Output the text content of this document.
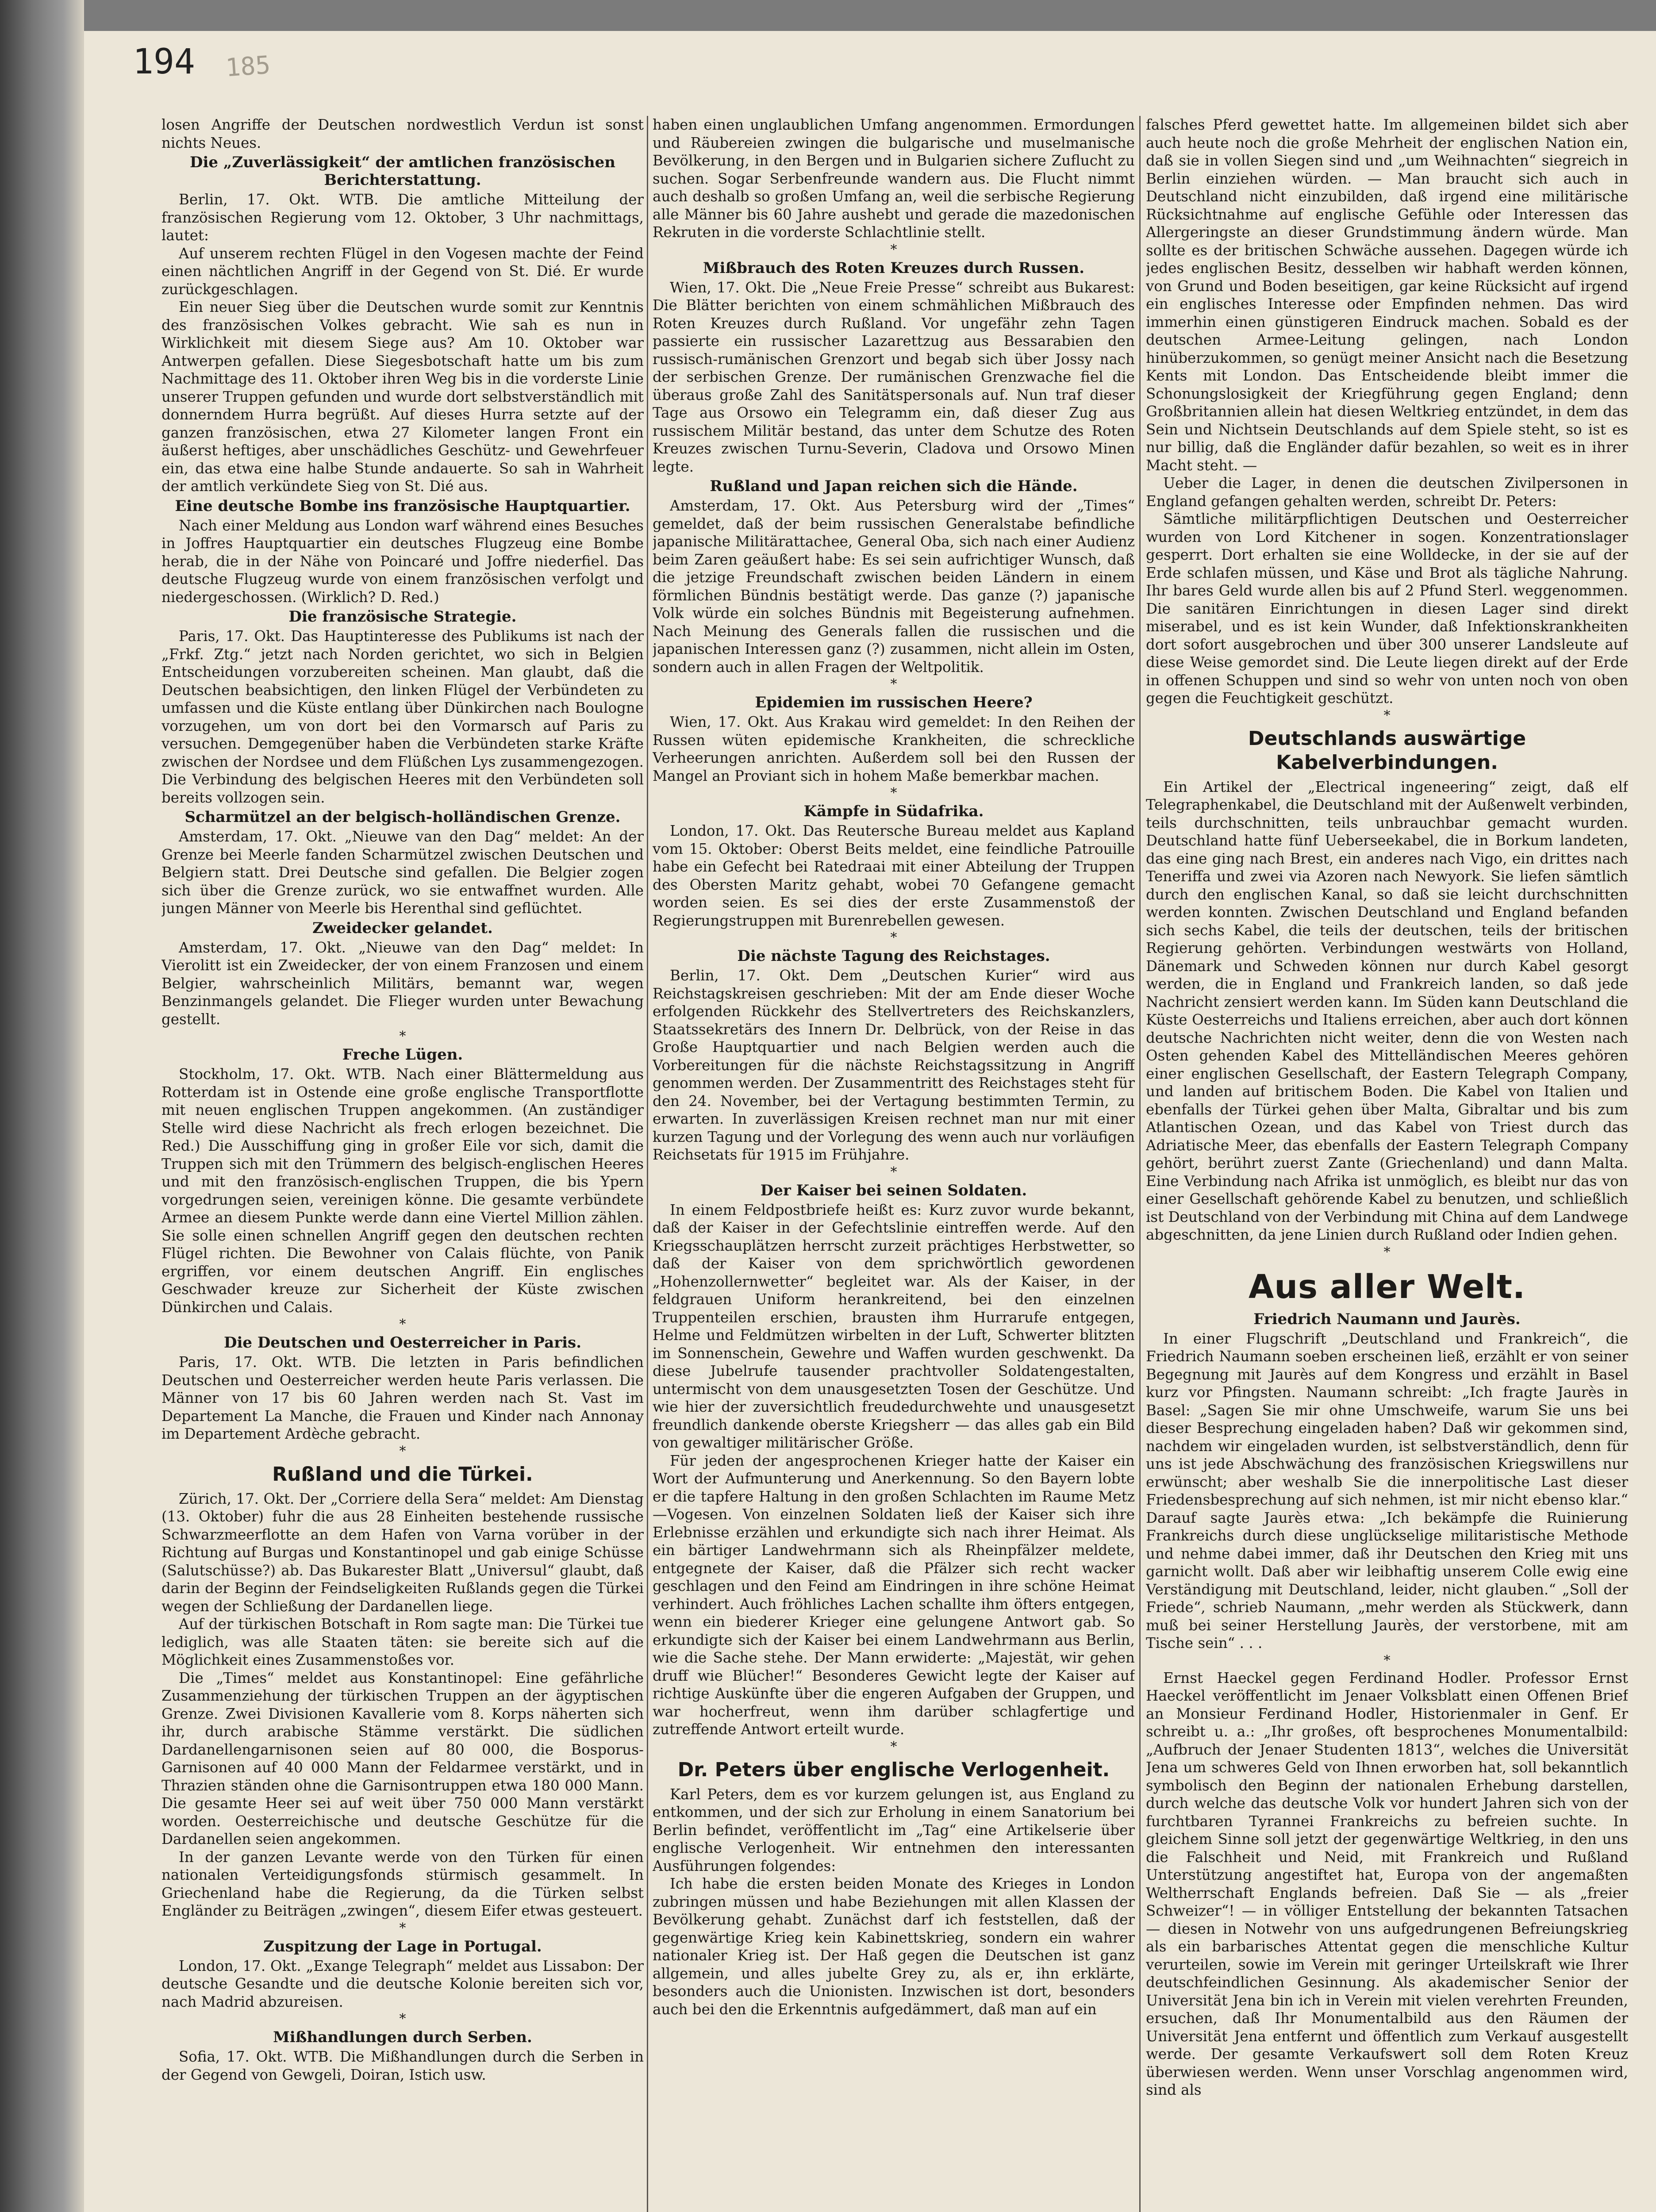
194 185

losen Angriffe der Deutschen nordwestlich Verdun ist sonst nichts Neues.

Die „Zuverlässigkeit“ der amtlichen französischen Berichterstattung.

Berlin, 17. Okt. WTB. Die amtliche Mitteilung der französischen Regierung vom 12. Oktober, 3 Uhr nachmittags, lautet:

Auf unserem rechten Flügel in den Vogesen machte der Feind einen nächtlichen Angriff in der Gegend von St. Dié. Er wurde zurückgeschlagen.

Ein neuer Sieg über die Deutschen wurde somit zur Kenntnis des französischen Volkes gebracht. Wie sah es nun in Wirklichkeit mit diesem Siege aus? Am 10. Oktober war Antwerpen gefallen. Diese Siegesbotschaft hatte um bis zum Nachmittage des 11. Oktober ihren Weg bis in die vorderste Linie unserer Truppen gefunden und wurde dort selbstverständlich mit donnerndem Hurra begrüßt. Auf dieses Hurra setzte auf der ganzen französischen, etwa 27 Kilometer langen Front ein äußerst heftiges, aber unschädliches Geschütz- und Gewehrfeuer ein, das etwa eine halbe Stunde andauerte. So sah in Wahrheit der amtlich verkündete Sieg von St. Dié aus.

Eine deutsche Bombe ins französische Hauptquartier.

Nach einer Meldung aus London warf während eines Besuches in Joffres Hauptquartier ein deutsches Flugzeug eine Bombe herab, die in der Nähe von Poincaré und Joffre niederfiel. Das deutsche Flugzeug wurde von einem französischen verfolgt und niedergeschossen. (Wirklich? D. Red.)

Die französische Strategie.

Paris, 17. Okt. Das Hauptinteresse des Publikums ist nach der „Frkf. Ztg.“ jetzt nach Norden gerichtet, wo sich in Belgien Entscheidungen vorzubereiten scheinen. Man glaubt, daß die Deutschen beabsichtigen, den linken Flügel der Verbündeten zu umfassen und die Küste entlang über Dünkirchen nach Boulogne vorzugehen, um von dort bei den Vormarsch auf Paris zu versuchen. Demgegenüber haben die Verbündeten starke Kräfte zwischen der Nordsee und dem Flüßchen Lys zusammengezogen. Die Verbindung des belgischen Heeres mit den Verbündeten soll bereits vollzogen sein.

Scharmützel an der belgisch-holländischen Grenze.

Amsterdam, 17. Okt. „Nieuwe van den Dag“ meldet: An der Grenze bei Meerle fanden Scharmützel zwischen Deutschen und Belgiern statt. Drei Deutsche sind gefallen. Die Belgier zogen sich über die Grenze zurück, wo sie entwaffnet wurden. Alle jungen Männer von Meerle bis Herenthal sind geflüchtet.

Zweidecker gelandet.

Amsterdam, 17. Okt. „Nieuwe van den Dag“ meldet: In Vierolitt ist ein Zweidecker, der von einem Franzosen und einem Belgier, wahrscheinlich Militärs, bemannt war, wegen Benzinmangels gelandet. Die Flieger wurden unter Bewachung gestellt.

*
Freche Lügen.

Stockholm, 17. Okt. WTB. Nach einer Blättermeldung aus Rotterdam ist in Ostende eine große englische Transportflotte mit neuen englischen Truppen angekommen. (An zuständiger Stelle wird diese Nachricht als frech erlogen bezeichnet. Die Red.) Die Ausschiffung ging in großer Eile vor sich, damit die Truppen sich mit den Trümmern des belgisch-englischen Heeres und mit den französisch-englischen Truppen, die bis Ypern vorgedrungen seien, vereinigen könne. Die gesamte verbündete Armee an diesem Punkte werde dann eine Viertel Million zählen. Sie solle einen schnellen Angriff gegen den deutschen rechten Flügel richten. Die Bewohner von Calais flüchte, von Panik ergriffen, vor einem deutschen Angriff. Ein englisches Geschwader kreuze zur Sicherheit der Küste zwischen Dünkirchen und Calais.

*
Die Deutschen und Oesterreicher in Paris.

Paris, 17. Okt. WTB. Die letzten in Paris befindlichen Deutschen und Oesterreicher werden heute Paris verlassen. Die Männer von 17 bis 60 Jahren werden nach St. Vast im Departement La Manche, die Frauen und Kinder nach Annonay im Departement Ardèche gebracht.

*
Rußland und die Türkei.

Zürich, 17. Okt. Der „Corriere della Sera“ meldet: Am Dienstag (13. Oktober) fuhr die aus 28 Einheiten bestehende russische Schwarzmeerflotte an dem Hafen von Varna vorüber in der Richtung auf Burgas und Konstantinopel und gab einige Schüsse (Salutschüsse?) ab. Das Bukarester Blatt „Universul“ glaubt, daß darin der Beginn der Feindseligkeiten Rußlands gegen die Türkei wegen der Schließung der Dardanellen liege.

Auf der türkischen Botschaft in Rom sagte man: Die Türkei tue lediglich, was alle Staaten täten: sie bereite sich auf die Möglichkeit eines Zusammenstoßes vor.

Die „Times“ meldet aus Konstantinopel: Eine gefährliche Zusammenziehung der türkischen Truppen an der ägyptischen Grenze. Zwei Divisionen Kavallerie vom 8. Korps näherten sich ihr, durch arabische Stämme verstärkt. Die südlichen Dardanellengarnisonen seien auf 80 000, die Bosporus-Garnisonen auf 40 000 Mann der Feldarmee verstärkt, und in Thrazien ständen ohne die Garnisontruppen etwa 180 000 Mann. Die gesamte Heer sei auf weit über 750 000 Mann verstärkt worden. Oesterreichische und deutsche Geschütze für die Dardanellen seien angekommen.

In der ganzen Levante werde von den Türken für einen nationalen Verteidigungsfonds stürmisch gesammelt. In Griechenland habe die Regierung, da die Türken selbst Engländer zu Beiträgen „zwingen“, diesem Eifer etwas gesteuert.

*
Zuspitzung der Lage in Portugal.

London, 17. Okt. „Exange Telegraph“ meldet aus Lissabon: Der deutsche Gesandte und die deutsche Kolonie bereiten sich vor, nach Madrid abzureisen.

*
Mißhandlungen durch Serben.

Sofia, 17. Okt. WTB. Die Mißhandlungen durch die Serben in der Gegend von Gewgeli, Doiran, Istich usw.

haben einen unglaublichen Umfang angenommen. Ermordungen und Räubereien zwingen die bulgarische und muselmanische Bevölkerung, in den Bergen und in Bulgarien sichere Zuflucht zu suchen. Sogar Serbenfreunde wandern aus. Die Flucht nimmt auch deshalb so großen Umfang an, weil die serbische Regierung alle Männer bis 60 Jahre aushebt und gerade die mazedonischen Rekruten in die vorderste Schlachtlinie stellt.

*
Mißbrauch des Roten Kreuzes durch Russen.

Wien, 17. Okt. Die „Neue Freie Presse“ schreibt aus Bukarest: Die Blätter berichten von einem schmählichen Mißbrauch des Roten Kreuzes durch Rußland. Vor ungefähr zehn Tagen passierte ein russischer Lazarettzug aus Bessarabien den russisch-rumänischen Grenzort und begab sich über Jossy nach der serbischen Grenze. Der rumänischen Grenzwache fiel die überaus große Zahl des Sanitätspersonals auf. Nun traf dieser Tage aus Orsowo ein Telegramm ein, daß dieser Zug aus russischem Militär bestand, das unter dem Schutze des Roten Kreuzes zwischen Turnu-Severin, Cladova und Orsowo Minen legte.

Rußland und Japan reichen sich die Hände.

Amsterdam, 17. Okt. Aus Petersburg wird der „Times“ gemeldet, daß der beim russischen Generalstabe befindliche japanische Militärattachee, General Oba, sich nach einer Audienz beim Zaren geäußert habe: Es sei sein aufrichtiger Wunsch, daß die jetzige Freundschaft zwischen beiden Ländern in einem förmlichen Bündnis bestätigt werde. Das ganze (?) japanische Volk würde ein solches Bündnis mit Begeisterung aufnehmen. Nach Meinung des Generals fallen die russischen und die japanischen Interessen ganz (?) zusammen, nicht allein im Osten, sondern auch in allen Fragen der Weltpolitik.

*
Epidemien im russischen Heere?

Wien, 17. Okt. Aus Krakau wird gemeldet: In den Reihen der Russen wüten epidemische Krankheiten, die schreckliche Verheerungen anrichten. Außerdem soll bei den Russen der Mangel an Proviant sich in hohem Maße bemerkbar machen.

*
Kämpfe in Südafrika.

London, 17. Okt. Das Reutersche Bureau meldet aus Kapland vom 15. Oktober: Oberst Beits meldet, eine feindliche Patrouille habe ein Gefecht bei Ratedraai mit einer Abteilung der Truppen des Obersten Maritz gehabt, wobei 70 Gefangene gemacht worden seien. Es sei dies der erste Zusammenstoß der Regierungstruppen mit Burenrebellen gewesen.

*
Die nächste Tagung des Reichstages.

Berlin, 17. Okt. Dem „Deutschen Kurier“ wird aus Reichstagskreisen geschrieben: Mit der am Ende dieser Woche erfolgenden Rückkehr des Stellvertreters des Reichskanzlers, Staatssekretärs des Innern Dr. Delbrück, von der Reise in das Große Hauptquartier und nach Belgien werden auch die Vorbereitungen für die nächste Reichstagssitzung in Angriff genommen werden. Der Zusammentritt des Reichstages steht für den 24. November, bei der Vertagung bestimmten Termin, zu erwarten. In zuverlässigen Kreisen rechnet man nur mit einer kurzen Tagung und der Vorlegung des wenn auch nur vorläufigen Reichsetats für 1915 im Frühjahre.

*
Der Kaiser bei seinen Soldaten.

In einem Feldpostbriefe heißt es: Kurz zuvor wurde bekannt, daß der Kaiser in der Gefechtslinie eintreffen werde. Auf den Kriegsschauplätzen herrscht zurzeit prächtiges Herbstwetter, so daß der Kaiser von dem sprichwörtlich gewordenen „Hohenzollernwetter“ begleitet war. Als der Kaiser, in der feldgrauen Uniform herankreitend, bei den einzelnen Truppenteilen erschien, brausten ihm Hurrarufe entgegen, Helme und Feldmützen wirbelten in der Luft, Schwerter blitzten im Sonnenschein, Gewehre und Waffen wurden geschwenkt. Da diese Jubelrufe tausender prachtvoller Soldatengestalten, untermischt von dem unausgesetzten Tosen der Geschütze. Und wie hier der zuversichtlich freudedurchwehte und unausgesetzt freundlich dankende oberste Kriegsherr — das alles gab ein Bild von gewaltiger militärischer Größe.

Für jeden der angesprochenen Krieger hatte der Kaiser ein Wort der Aufmunterung und Anerkennung. So den Bayern lobte er die tapfere Haltung in den großen Schlachten im Raume Metz—Vogesen. Von einzelnen Soldaten ließ der Kaiser sich ihre Erlebnisse erzählen und erkundigte sich nach ihrer Heimat. Als ein bärtiger Landwehrmann sich als Rheinpfälzer meldete, entgegnete der Kaiser, daß die Pfälzer sich recht wacker geschlagen und den Feind am Eindringen in ihre schöne Heimat verhindert. Auch fröhliches Lachen schallte ihm öfters entgegen, wenn ein biederer Krieger eine gelungene Antwort gab. So erkundigte sich der Kaiser bei einem Landwehrmann aus Berlin, wie die Sache stehe. Der Mann erwiderte: „Majestät, wir gehen druff wie Blücher!“ Besonderes Gewicht legte der Kaiser auf richtige Auskünfte über die engeren Aufgaben der Gruppen, und war hocherfreut, wenn ihm darüber schlagfertige und zutreffende Antwort erteilt wurde.

*
Dr. Peters über englische Verlogenheit.

Karl Peters, dem es vor kurzem gelungen ist, aus England zu entkommen, und der sich zur Erholung in einem Sanatorium bei Berlin befindet, veröffentlicht im „Tag“ eine Artikelserie über englische Verlogenheit. Wir entnehmen den interessanten Ausführungen folgendes:

Ich habe die ersten beiden Monate des Krieges in London zubringen müssen und habe Beziehungen mit allen Klassen der Bevölkerung gehabt. Zunächst darf ich feststellen, daß der gegenwärtige Krieg kein Kabinettskrieg, sondern ein wahrer nationaler Krieg ist. Der Haß gegen die Deutschen ist ganz allgemein, und alles jubelte Grey zu, als er, ihn erklärte, besonders auch die Unionisten. Inzwischen ist dort, besonders auch bei den die Erkenntnis aufgedämmert, daß man auf ein

falsches Pferd gewettet hatte. Im allgemeinen bildet sich aber auch heute noch die große Mehrheit der englischen Nation ein, daß sie in vollen Siegen sind und „um Weihnachten“ siegreich in Berlin einziehen würden. — Man braucht sich auch in Deutschland nicht einzubilden, daß irgend eine militärische Rücksichtnahme auf englische Gefühle oder Interessen das Allergeringste an dieser Grundstimmung ändern würde. Man sollte es der britischen Schwäche aussehen. Dagegen würde ich jedes englischen Besitz, desselben wir habhaft werden können, von Grund und Boden beseitigen, gar keine Rücksicht auf irgend ein englisches Interesse oder Empfinden nehmen. Das wird immerhin einen günstigeren Eindruck machen. Sobald es der deutschen Armee-Leitung gelingen, nach London hinüberzukommen, so genügt meiner Ansicht nach die Besetzung Kents mit London. Das Entscheidende bleibt immer die Schonungslosigkeit der Kriegführung gegen England; denn Großbritannien allein hat diesen Weltkrieg entzündet, in dem das Sein und Nichtsein Deutschlands auf dem Spiele steht, so ist es nur billig, daß die Engländer dafür bezahlen, so weit es in ihrer Macht steht. —

Ueber die Lager, in denen die deutschen Zivilpersonen in England gefangen gehalten werden, schreibt Dr. Peters:

Sämtliche militärpflichtigen Deutschen und Oesterreicher wurden von Lord Kitchener in sogen. Konzentrationslager gesperrt. Dort erhalten sie eine Wolldecke, in der sie auf der Erde schlafen müssen, und Käse und Brot als tägliche Nahrung. Ihr bares Geld wurde allen bis auf 2 Pfund Sterl. weggenommen. Die sanitären Einrichtungen in diesen Lager sind direkt miserabel, und es ist kein Wunder, daß Infektionskrankheiten dort sofort ausgebrochen und über 300 unserer Landsleute auf diese Weise gemordet sind. Die Leute liegen direkt auf der Erde in offenen Schuppen und sind so wehr von unten noch von oben gegen die Feuchtigkeit geschützt.

*
Deutschlands auswärtige Kabelverbindungen.

Ein Artikel der „Electrical ingeneering“ zeigt, daß elf Telegraphenkabel, die Deutschland mit der Außenwelt verbinden, teils durchschnitten, teils unbrauchbar gemacht wurden. Deutschland hatte fünf Ueberseekabel, die in Borkum landeten, das eine ging nach Brest, ein anderes nach Vigo, ein drittes nach Teneriffa und zwei via Azoren nach Newyork. Sie liefen sämtlich durch den englischen Kanal, so daß sie leicht durchschnitten werden konnten. Zwischen Deutschland und England befanden sich sechs Kabel, die teils der deutschen, teils der britischen Regierung gehörten. Verbindungen westwärts von Holland, Dänemark und Schweden können nur durch Kabel gesorgt werden, die in England und Frankreich landen, so daß jede Nachricht zensiert werden kann. Im Süden kann Deutschland die Küste Oesterreichs und Italiens erreichen, aber auch dort können deutsche Nachrichten nicht weiter, denn die von Westen nach Osten gehenden Kabel des Mittelländischen Meeres gehören einer englischen Gesellschaft, der Eastern Telegraph Company, und landen auf britischem Boden. Die Kabel von Italien und ebenfalls der Türkei gehen über Malta, Gibraltar und bis zum Atlantischen Ozean, und das Kabel von Triest durch das Adriatische Meer, das ebenfalls der Eastern Telegraph Company gehört, berührt zuerst Zante (Griechenland) und dann Malta. Eine Verbindung nach Afrika ist unmöglich, es bleibt nur das von einer Gesellschaft gehörende Kabel zu benutzen, und schließlich ist Deutschland von der Verbindung mit China auf dem Landwege abgeschnitten, da jene Linien durch Rußland oder Indien gehen.

*
Aus aller Welt.
Friedrich Naumann und Jaurès.

In einer Flugschrift „Deutschland und Frankreich“, die Friedrich Naumann soeben erscheinen ließ, erzählt er von seiner Begegnung mit Jaurès auf dem Kongress und erzählt in Basel kurz vor Pfingsten. Naumann schreibt: „Ich fragte Jaurès in Basel: „Sagen Sie mir ohne Umschweife, warum Sie uns bei dieser Besprechung eingeladen haben? Daß wir gekommen sind, nachdem wir eingeladen wurden, ist selbstverständlich, denn für uns ist jede Abschwächung des französischen Kriegswillens nur erwünscht; aber weshalb Sie die innerpolitische Last dieser Friedensbesprechung auf sich nehmen, ist mir nicht ebenso klar.“ Darauf sagte Jaurès etwa: „Ich bekämpfe die Ruinierung Frankreichs durch diese unglückselige militaristische Methode und nehme dabei immer, daß ihr Deutschen den Krieg mit uns garnicht wollt. Daß aber wir leibhaftig unserem Colle ewig eine Verständigung mit Deutschland, leider, nicht glauben.“ „Soll der Friede“, schrieb Naumann, „mehr werden als Stückwerk, dann muß bei seiner Herstellung Jaurès, der verstorbene, mit am Tische sein“ . . .

*

Ernst Haeckel gegen Ferdinand Hodler. Professor Ernst Haeckel veröffentlicht im Jenaer Volksblatt einen Offenen Brief an Monsieur Ferdinand Hodler, Historienmaler in Genf. Er schreibt u. a.: „Ihr großes, oft besprochenes Monumentalbild: „Aufbruch der Jenaer Studenten 1813“, welches die Universität Jena um schweres Geld von Ihnen erworben hat, soll bekanntlich symbolisch den Beginn der nationalen Erhebung darstellen, durch welche das deutsche Volk vor hundert Jahren sich von der furchtbaren Tyrannei Frankreichs zu befreien suchte. In gleichem Sinne soll jetzt der gegenwärtige Weltkrieg, in den uns die Falschheit und Neid, mit Frankreich und Rußland Unterstützung angestiftet hat, Europa von der angemaßten Weltherrschaft Englands befreien. Daß Sie — als „freier Schweizer“! — in völliger Entstellung der bekannten Tatsachen — diesen in Notwehr von uns aufgedrungenen Befreiungskrieg als ein barbarisches Attentat gegen die menschliche Kultur verurteilen, sowie im Verein mit geringer Urteilskraft wie Ihrer deutschfeindlichen Gesinnung. Als akademischer Senior der Universität Jena bin ich in Verein mit vielen verehrten Freunden, ersuchen, daß Ihr Monumentalbild aus den Räumen der Universität Jena entfernt und öffentlich zum Verkauf ausgestellt werde. Der gesamte Verkaufswert soll dem Roten Kreuz überwiesen werden. Wenn unser Vorschlag angenommen wird, sind als
